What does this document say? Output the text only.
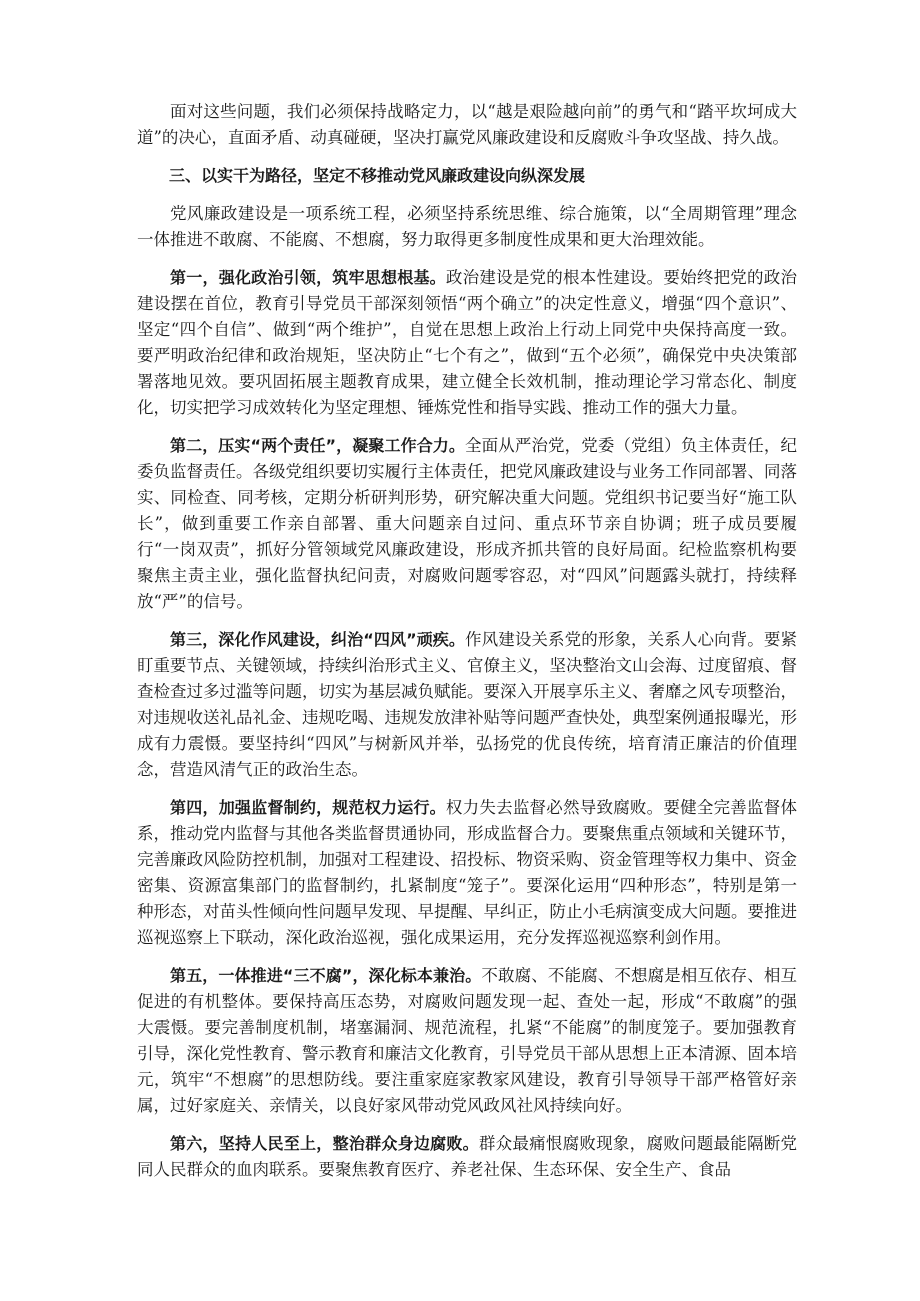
面对这些问题，我们必须保持战略定力，以“越是艰险越向前”的勇气和“踏平坎坷成大道”的决心，直面矛盾、动真碰硬，坚决打赢党风廉政建设和反腐败斗争攻坚战、持久战。

三、以实干为路径，坚定不移推动党风廉政建设向纵深发展

党风廉政建设是一项系统工程，必须坚持系统思维、综合施策，以“全周期管理”理念一体推进不敢腐、不能腐、不想腐，努力取得更多制度性成果和更大治理效能。

第一，强化政治引领，筑牢思想根基。政治建设是党的根本性建设。要始终把党的政治建设摆在首位，教育引导党员干部深刻领悟“两个确立”的决定性意义，增强“四个意识”、坚定“四个自信”、做到“两个维护”，自觉在思想上政治上行动上同党中央保持高度一致。要严明政治纪律和政治规矩，坚决防止“七个有之”，做到“五个必须”，确保党中央决策部署落地见效。要巩固拓展主题教育成果，建立健全长效机制，推动理论学习常态化、制度化，切实把学习成效转化为坚定理想、锤炼党性和指导实践、推动工作的强大力量。

第二，压实“两个责任”，凝聚工作合力。全面从严治党，党委（党组）负主体责任，纪委负监督责任。各级党组织要切实履行主体责任，把党风廉政建设与业务工作同部署、同落实、同检查、同考核，定期分析研判形势，研究解决重大问题。党组织书记要当好“施工队长”，做到重要工作亲自部署、重大问题亲自过问、重点环节亲自协调；班子成员要履行“一岗双责”，抓好分管领域党风廉政建设，形成齐抓共管的良好局面。纪检监察机构要聚焦主责主业，强化监督执纪问责，对腐败问题零容忍，对“四风”问题露头就打，持续释放“严”的信号。

第三，深化作风建设，纠治“四风”顽疾。作风建设关系党的形象，关系人心向背。要紧盯重要节点、关键领域，持续纠治形式主义、官僚主义，坚决整治文山会海、过度留痕、督查检查过多过滥等问题，切实为基层减负赋能。要深入开展享乐主义、奢靡之风专项整治，对违规收送礼品礼金、违规吃喝、违规发放津补贴等问题严查快处，典型案例通报曝光，形成有力震慑。要坚持纠“四风”与树新风并举，弘扬党的优良传统，培育清正廉洁的价值理念，营造风清气正的政治生态。

第四，加强监督制约，规范权力运行。权力失去监督必然导致腐败。要健全完善监督体系，推动党内监督与其他各类监督贯通协同，形成监督合力。要聚焦重点领域和关键环节，完善廉政风险防控机制，加强对工程建设、招投标、物资采购、资金管理等权力集中、资金密集、资源富集部门的监督制约，扎紧制度“笼子”。要深化运用“四种形态”，特别是第一种形态，对苗头性倾向性问题早发现、早提醒、早纠正，防止小毛病演变成大问题。要推进巡视巡察上下联动，深化政治巡视，强化成果运用，充分发挥巡视巡察利剑作用。

第五，一体推进“三不腐”，深化标本兼治。不敢腐、不能腐、不想腐是相互依存、相互促进的有机整体。要保持高压态势，对腐败问题发现一起、查处一起，形成“不敢腐”的强大震慑。要完善制度机制，堵塞漏洞、规范流程，扎紧“不能腐”的制度笼子。要加强教育引导，深化党性教育、警示教育和廉洁文化教育，引导党员干部从思想上正本清源、固本培元，筑牢“不想腐”的思想防线。要注重家庭家教家风建设，教育引导领导干部严格管好亲属，过好家庭关、亲情关，以良好家风带动党风政风社风持续向好。

第六，坚持人民至上，整治群众身边腐败。群众最痛恨腐败现象，腐败问题最能隔断党同人民群众的血肉联系。要聚焦教育医疗、养老社保、生态环保、安全生产、食品
